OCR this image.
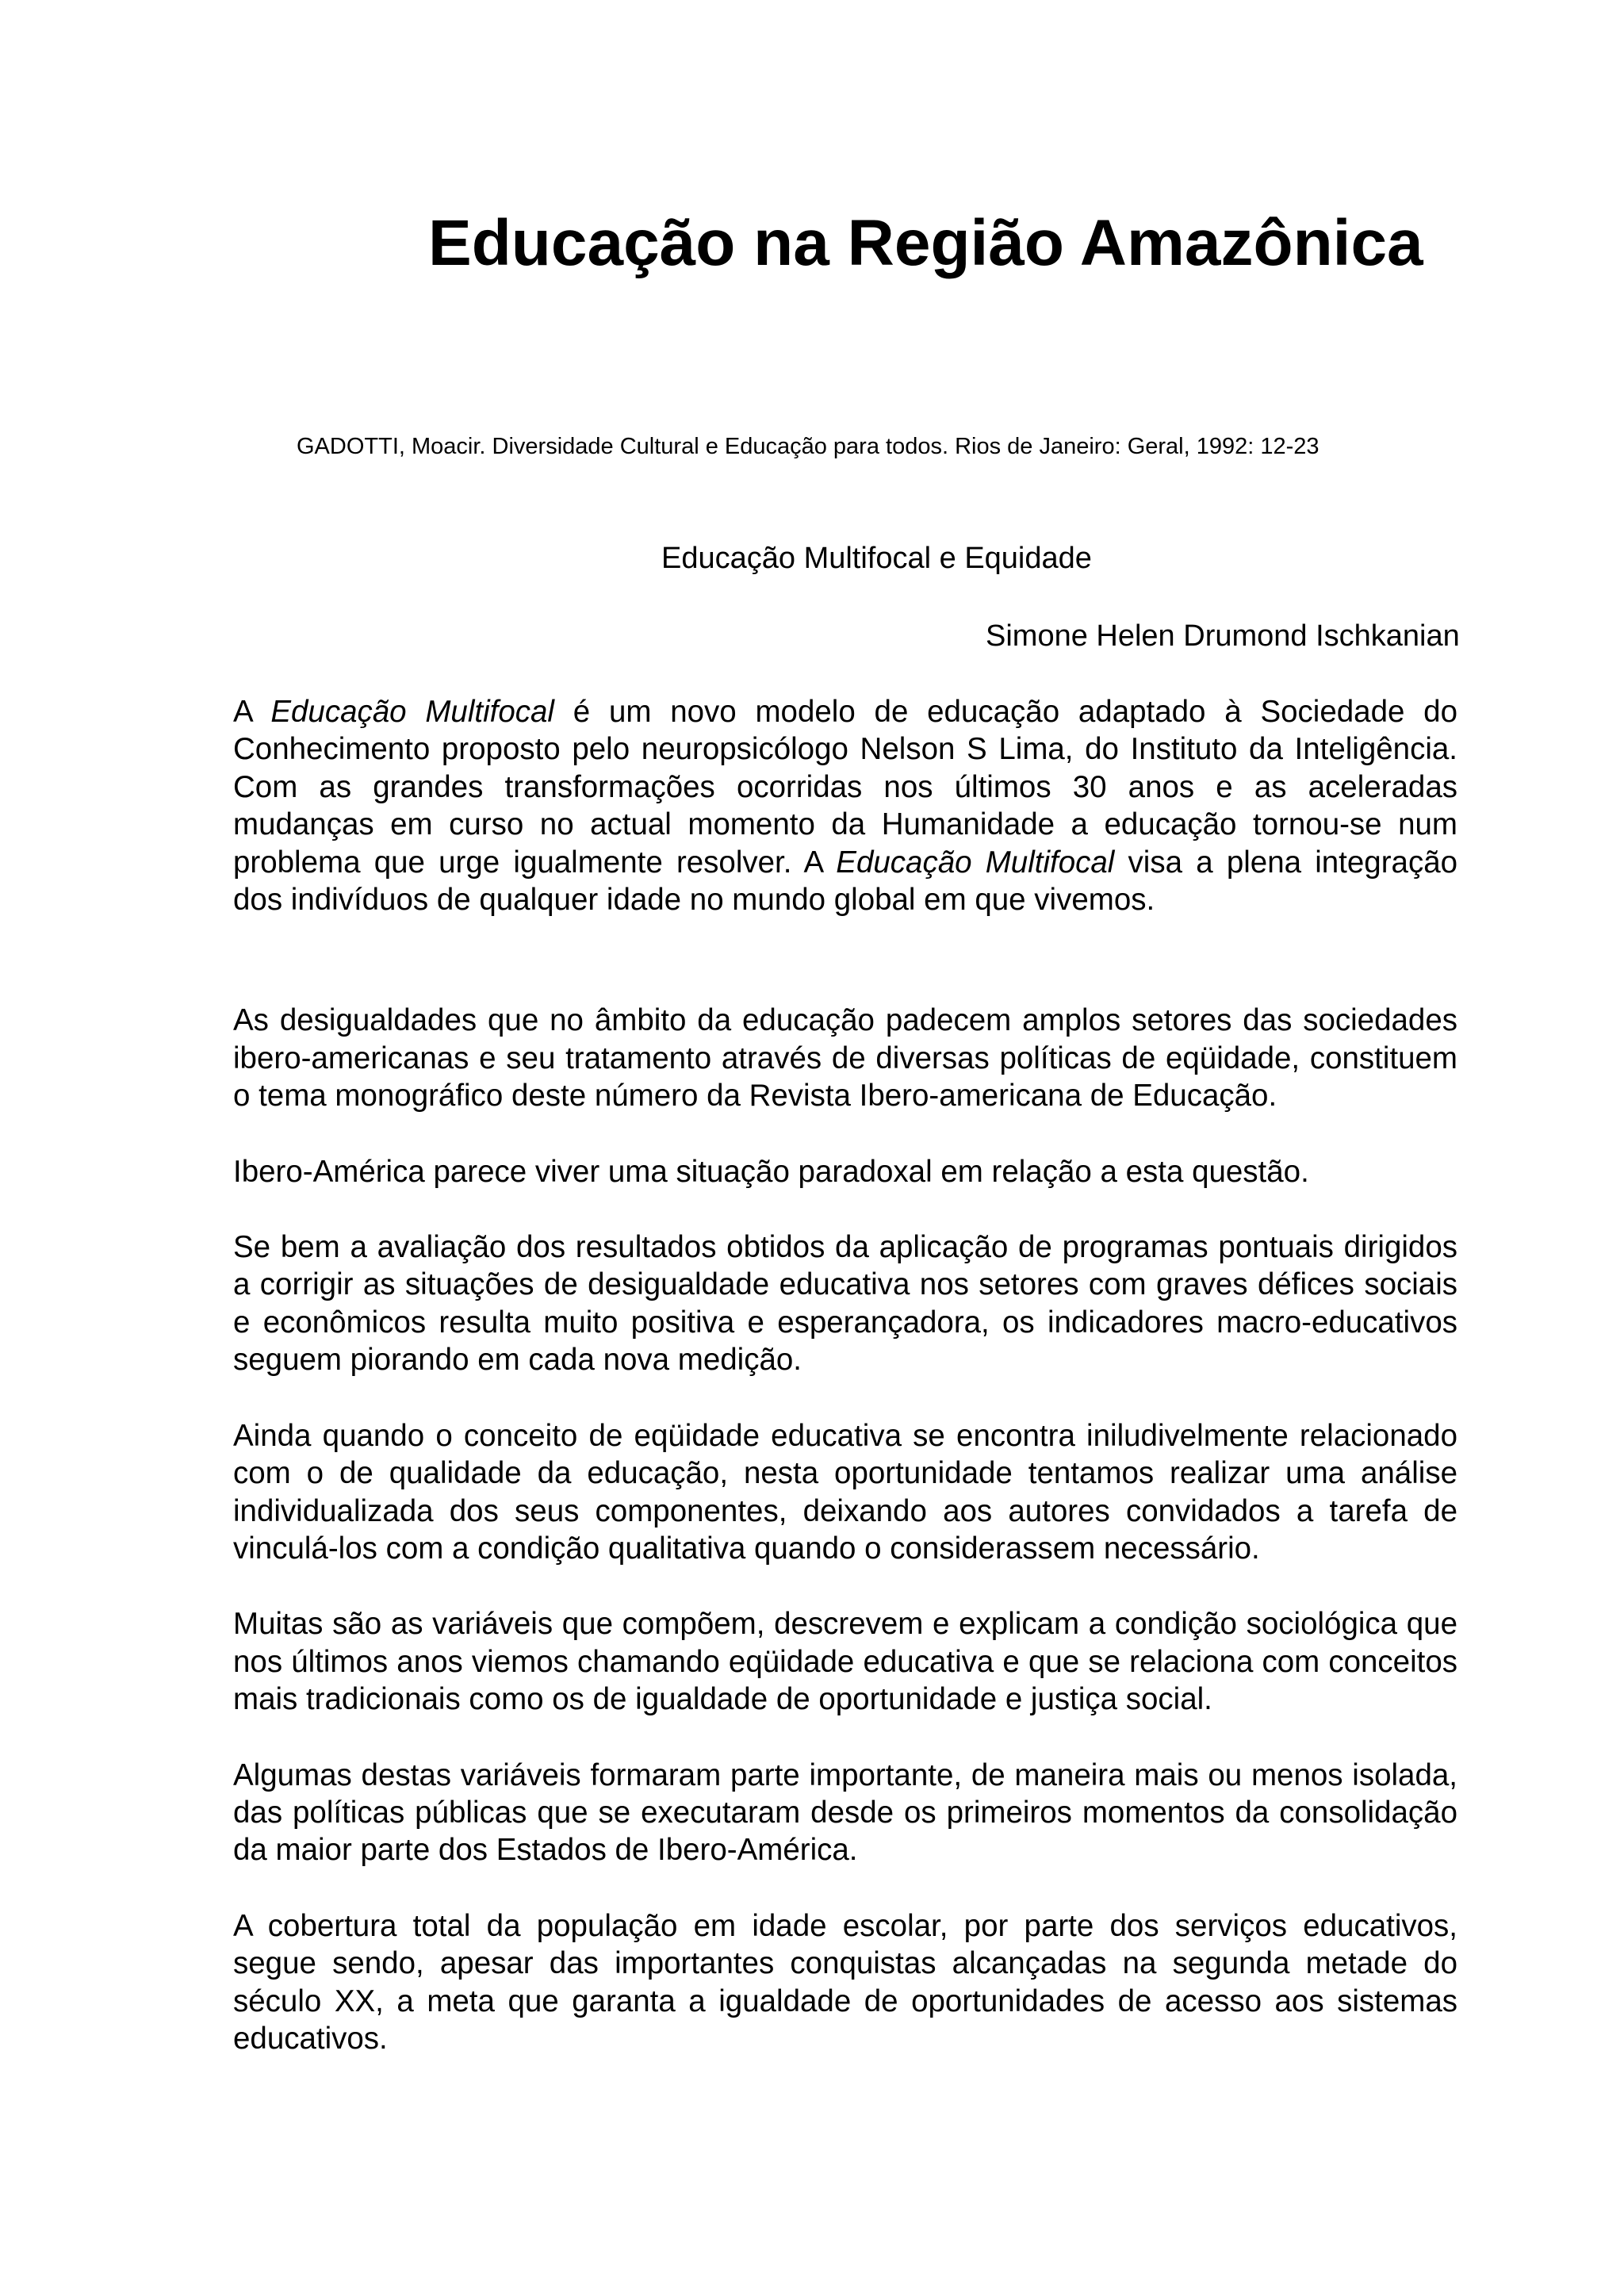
Educação na Região Amazônica
GADOTTI, Moacir. Diversidade Cultural e Educação para todos. Rios de Janeiro: Geral, 1992: 12-23
Educação Multifocal e Equidade
Simone Helen Drumond Ischkanian

A Educação Multifocal é um novo modelo de educação adaptado à Sociedade do Conhecimento proposto pelo neuropsicólogo Nelson S Lima, do Instituto da Inteligência. Com as grandes transformações ocorridas nos últimos 30 anos e as aceleradas mudanças em curso no actual momento da Humanidade a educação tornou-se num problema que urge igualmente resolver. A Educação Multifocal visa a plena integração dos indivíduos de qualquer idade no mundo global em que vivemos.

As desigualdades que no âmbito da educação padecem amplos setores das sociedades ibero-americanas e seu tratamento através de diversas políticas de eqüidade, constituem o tema monográfico deste número da Revista Ibero-americana de Educação.

Ibero-América parece viver uma situação paradoxal em relação a esta questão.

Se bem a avaliação dos resultados obtidos da aplicação de programas pontuais dirigidos a corrigir as situações de desigualdade educativa nos setores com graves défices sociais e econômicos resulta muito positiva e esperançadora, os indicadores macro-educativos seguem piorando em cada nova medição.

Ainda quando o conceito de eqüidade educativa se encontra iniludivelmente relacionado com o de qualidade da educação, nesta oportunidade tentamos realizar uma análise individualizada dos seus componentes, deixando aos autores convidados a tarefa de vinculá-los com a condição qualitativa quando o considerassem necessário.

Muitas são as variáveis que compõem, descrevem e explicam a condição sociológica que nos últimos anos viemos chamando eqüidade educativa e que se relaciona com conceitos mais tradicionais como os de igualdade de oportunidade e justiça social.

Algumas destas variáveis formaram parte importante, de maneira mais ou menos isolada, das políticas públicas que se executaram desde os primeiros momentos da consolidação da maior parte dos Estados de Ibero-América.

A cobertura total da população em idade escolar, por parte dos serviços educativos, segue sendo, apesar das importantes conquistas alcançadas na segunda metade do século XX, a meta que garanta a igualdade de oportunidades de acesso aos sistemas educativos.
